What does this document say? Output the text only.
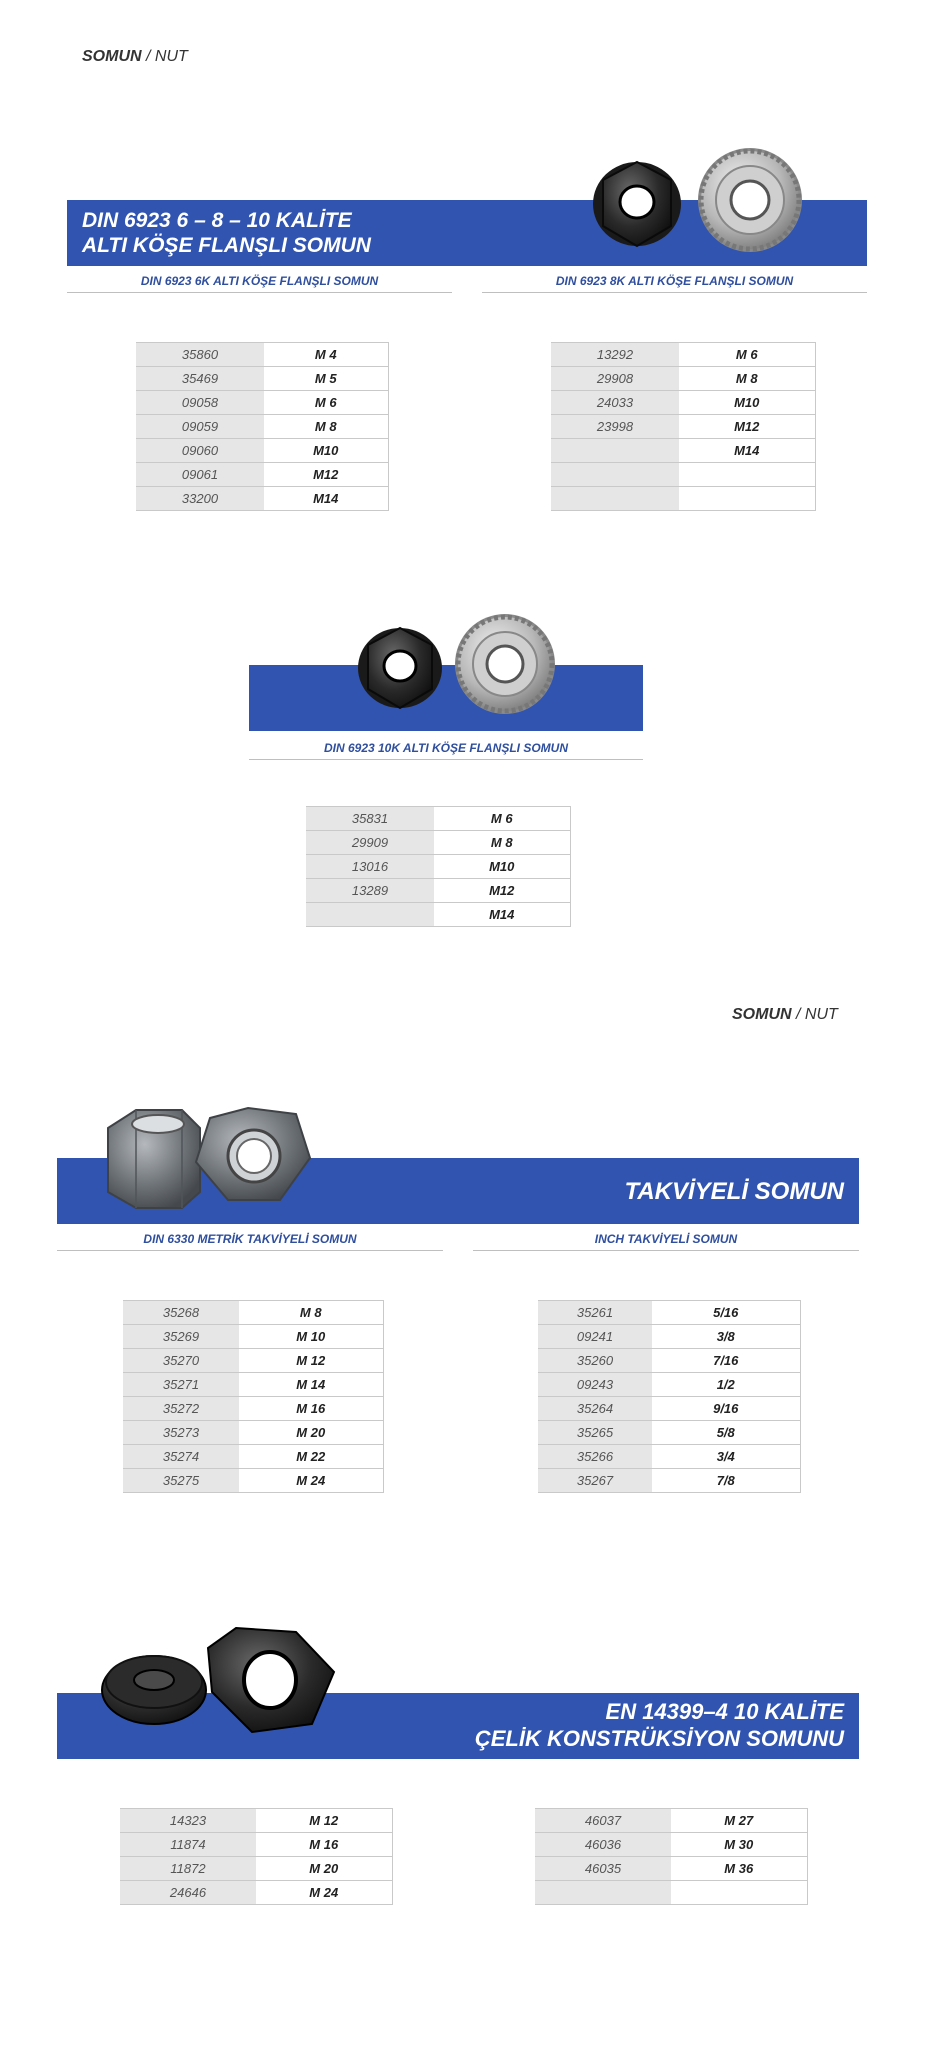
SOMUN / NUT
DIN 6923 6 – 8 – 10 KALİTE
ALTI KÖŞE FLANŞLI SOMUN
DIN 6923 6K ALTI KÖŞE FLANŞLI SOMUN	DIN 6923 8K ALTI KÖŞE FLANŞLI SOMUN
35860	M 4
35469	M 5
09058	M 6
09059	M 8
09060	M10
09061	M12
33200	M14
13292	M 6
29908	M 8
24033	M10
23998	M12
	M14

DIN 6923 10K ALTI KÖŞE FLANŞLI SOMUN
35831	M 6
29909	M 8
13016	M10
13289	M12
	M14
SOMUN / NUT
TAKVİYELİ SOMUN
DIN 6330 METRİK TAKVİYELİ SOMUN	INCH TAKVİYELİ SOMUN
35268	M 8
35269	M 10
35270	M 12
35271	M 14
35272	M 16
35273	M 20
35274	M 22
35275	M 24
35261	5/16
09241	3/8
35260	7/16
09243	1/2
35264	9/16
35265	5/8
35266	3/4
35267	7/8
EN 14399–4 10 KALİTE
ÇELİK KONSTRÜKSİYON SOMUNU
14323	M 12
11874	M 16
11872	M 20
24646	M 24
46037	M 27
46036	M 30
46035	M 36
